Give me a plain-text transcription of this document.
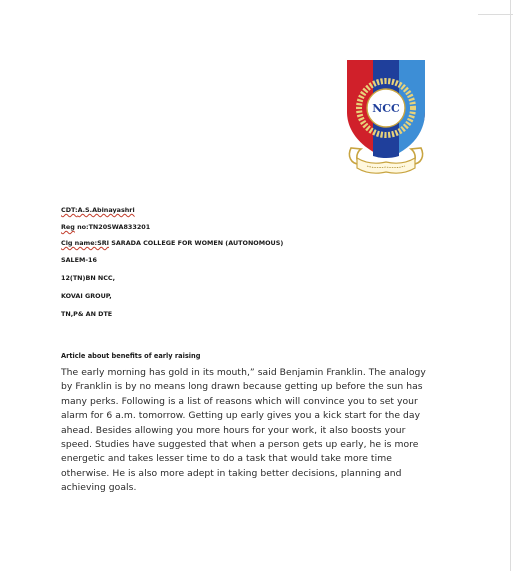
NCC
CDT:A.S.Abinayashri
Reg no:TN20SWA833201
Clg name:SRI SARADA COLLEGE FOR WOMEN (AUTONOMOUS)
SALEM-16
12(TN)BN NCC,
KOVAI GROUP,
TN,P& AN DTE
Article about benefits of early raising
The early morning has gold in its mouth,” said Benjamin Franklin. The analogy
by Franklin is by no means long drawn because getting up before the sun has
many perks. Following is a list of reasons which will convince you to set your
alarm for 6 a.m. tomorrow. Getting up early gives you a kick start for the day
ahead. Besides allowing you more hours for your work, it also boosts your
speed. Studies have suggested that when a person gets up early, he is more
energetic and takes lesser time to do a task that would take more time
otherwise. He is also more adept in taking better decisions, planning and
achieving goals.
